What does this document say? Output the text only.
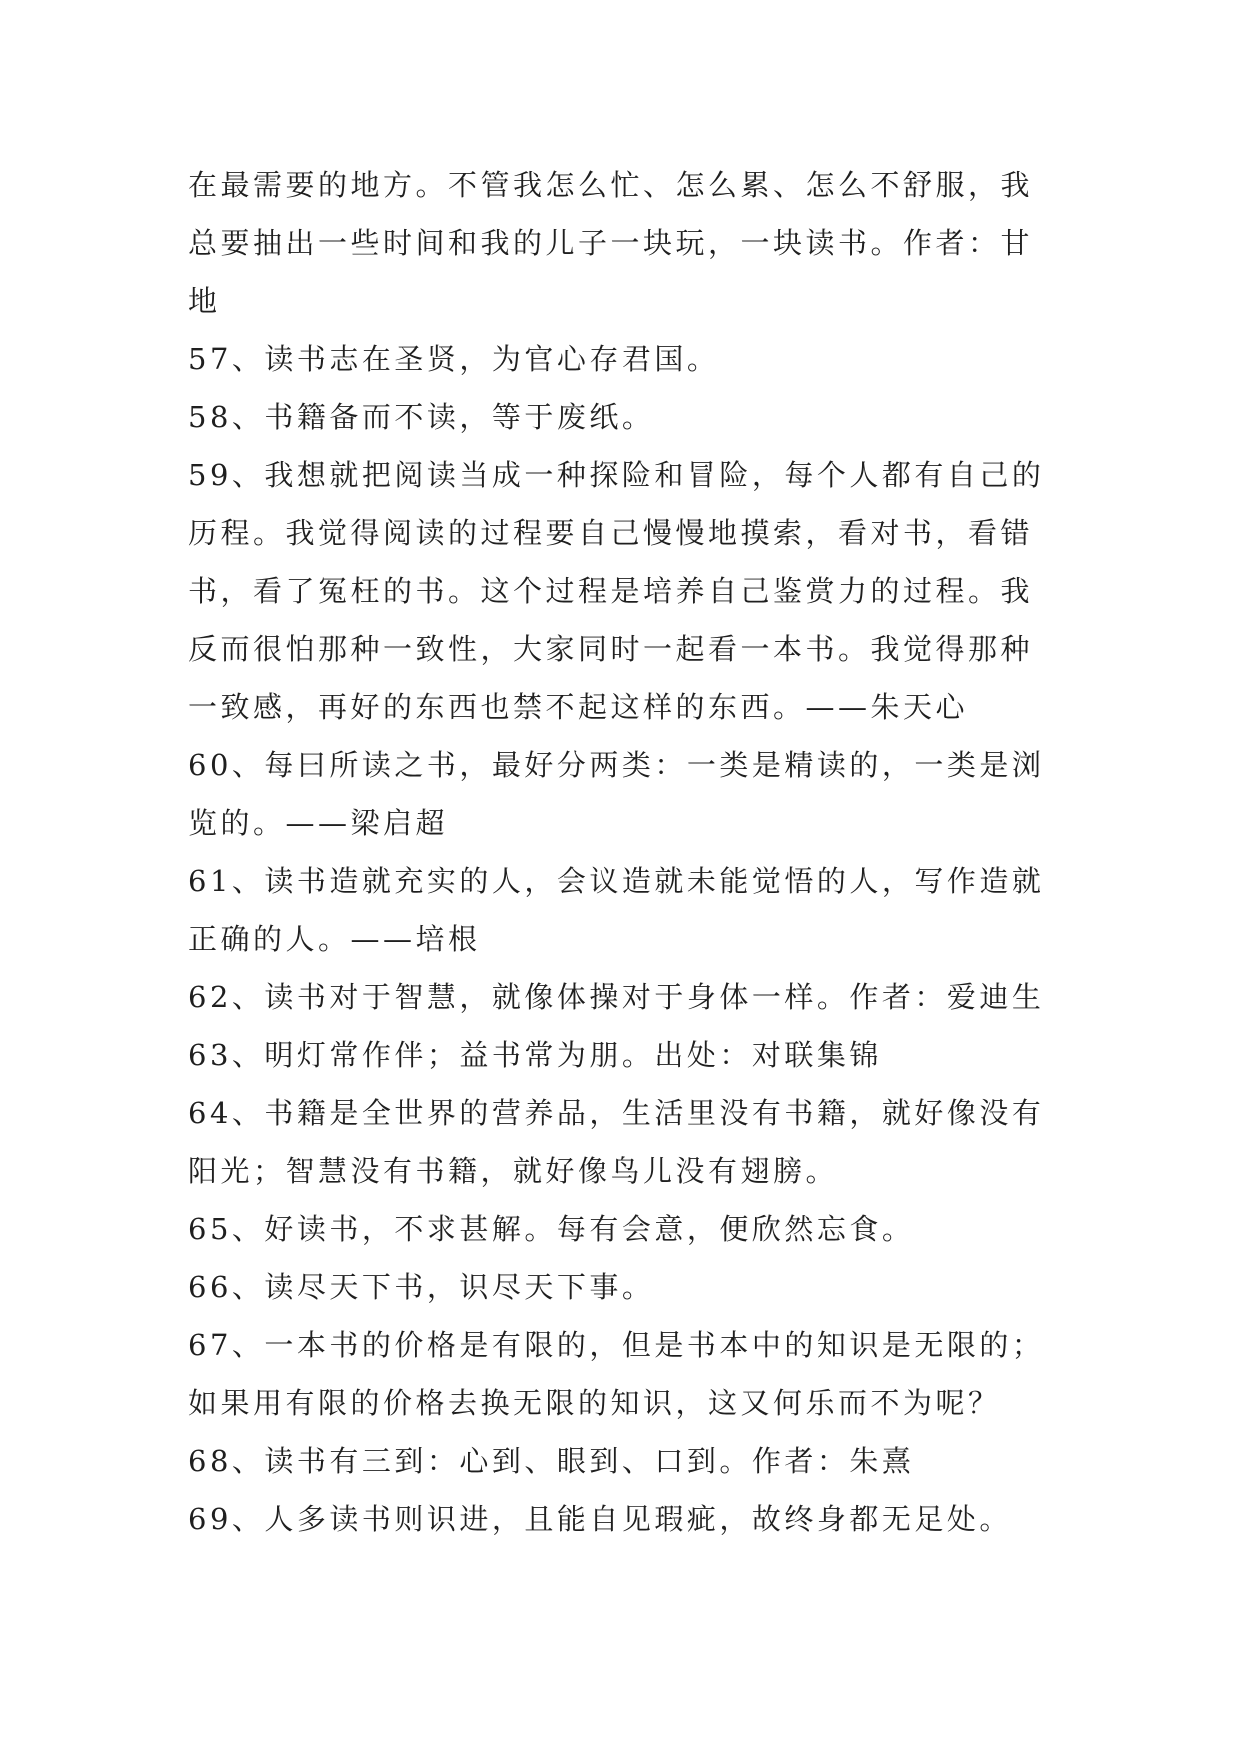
在最需要的地方。不管我怎么忙、怎么累、怎么不舒服，我
总要抽出一些时间和我的儿子一块玩，一块读书。作者：甘
地
57、读书志在圣贤，为官心存君国。
58、书籍备而不读，等于废纸。
59、我想就把阅读当成一种探险和冒险，每个人都有自己的
历程。我觉得阅读的过程要自己慢慢地摸索，看对书，看错
书，看了冤枉的书。这个过程是培养自己鉴赏力的过程。我
反而很怕那种一致性，大家同时一起看一本书。我觉得那种
一致感，再好的东西也禁不起这样的东西。——朱天心
60、每曰所读之书，最好分两类：一类是精读的，一类是浏
览的。——梁启超
61、读书造就充实的人，会议造就未能觉悟的人，写作造就
正确的人。——培根
62、读书对于智慧，就像体操对于身体一样。作者：爱迪生
63、明灯常作伴；益书常为朋。出处：对联集锦
64、书籍是全世界的营养品，生活里没有书籍，就好像没有
阳光；智慧没有书籍，就好像鸟儿没有翅膀。
65、好读书，不求甚解。每有会意，便欣然忘食。
66、读尽天下书，识尽天下事。
67、一本书的价格是有限的，但是书本中的知识是无限的；
如果用有限的价格去换无限的知识，这又何乐而不为呢？
68、读书有三到：心到、眼到、口到。作者：朱熹
69、人多读书则识进，且能自见瑕疵，故终身都无足处。
